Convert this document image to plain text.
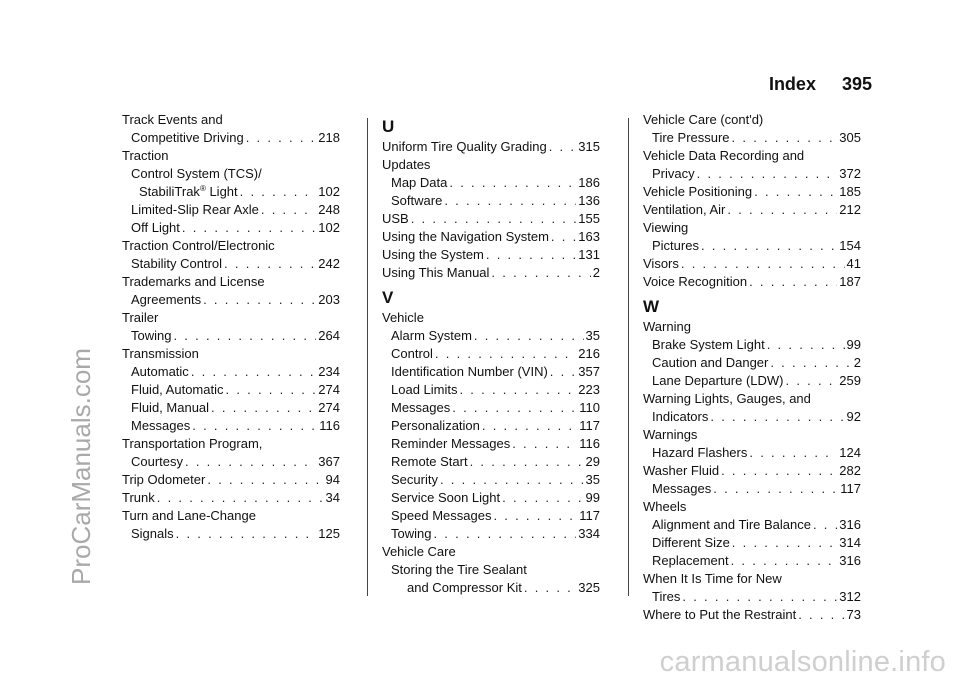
ProCarManuals.com
carmanualsonline.info
Index 395
Track Events and
Competitive Driving . . .	218
Traction
Control System (TCS)/
StabiliTrak® Light . . .	102
Limited-Slip Rear Axle . . .	248
Off Light . . .	102
Traction Control/Electronic
Stability Control . . .	242
Trademarks and License
Agreements . . .	203
Trailer
Towing . . .	264
Transmission
Automatic . . .	234
Fluid, Automatic . . .	274
Fluid, Manual . . .	274
Messages . . .	116
Transportation Program,
Courtesy . . .	367
Trip Odometer . . .	94
Trunk . . .	34
Turn and Lane-Change
Signals . . .	125
U
Uniform Tire Quality Grading . . . 315
Updates
Map Data . . .	186
Software . . .	136
USB . . .	155
Using the Navigation System . . . 163
Using the System . . .	131
Using This Manual . . .	2
V
Vehicle
Alarm System . . .	35
Control . . .	216
Identification Number (VIN) . . . 357
Load Limits . . .	223
Messages . . .	110
Personalization . . .	117
Reminder Messages . . .	116
Remote Start . . .	29
Security . . .	35
Service Soon Light . . .	99
Speed Messages . . .	117
Towing . . .	334
Vehicle Care
Storing the Tire Sealant
and Compressor Kit . . .	325
Vehicle Care (cont'd)
Tire Pressure . . .	305
Vehicle Data Recording and
Privacy . . .	372
Vehicle Positioning . . .	185
Ventilation, Air . . .	212
Viewing
Pictures . . .	154
Visors . . .	41
Voice Recognition . . .	187
W
Warning
Brake System Light . . .	99
Caution and Danger . . .	2
Lane Departure (LDW) . . .	259
Warning Lights, Gauges, and
Indicators . . .	92
Warnings
Hazard Flashers . . .	124
Washer Fluid . . .	282
Messages . . .	117
Wheels
Alignment and Tire Balance . . . 316
Different Size . . .	314
Replacement . . .	316
When It Is Time for New
Tires . . .	312
Where to Put the Restraint . . .	73
